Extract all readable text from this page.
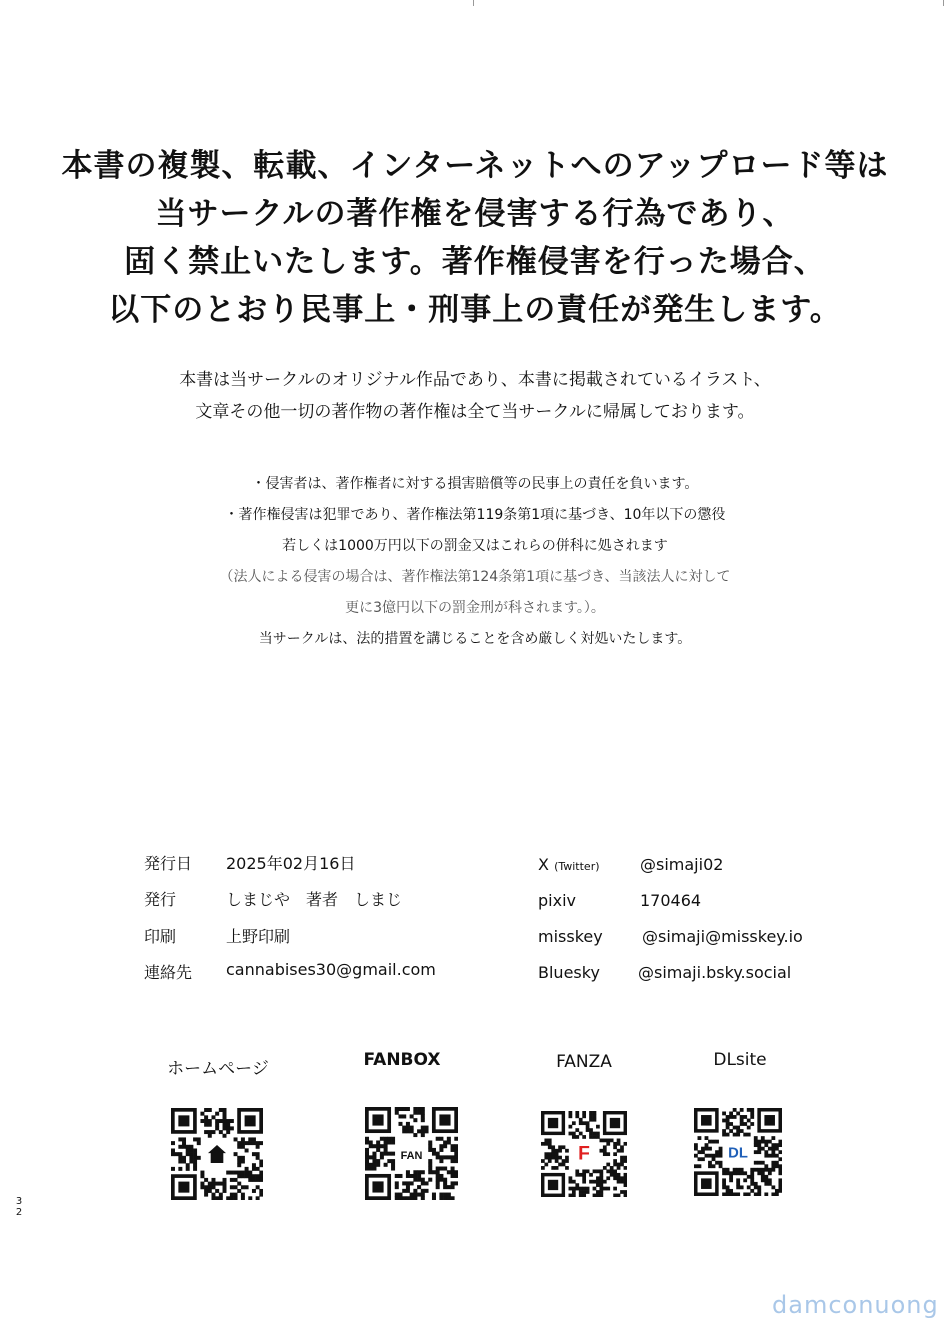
本書の複製、転載、インターネットへのアップロード等は
当サークルの著作権を侵害する行為であり、
固く禁止いたします。著作権侵害を行った場合、
以下のとおり民事上・刑事上の責任が発生します。
本書は当サークルのオリジナル作品であり、本書に掲載されているイラスト、
文章その他一切の著作物の著作権は全て当サークルに帰属しております。
・侵害者は、著作権者に対する損害賠償等の民事上の責任を負います。
・著作権侵害は犯罪であり、著作権法第119条第1項に基づき、10年以下の懲役
若しくは1000万円以下の罰金又はこれらの併科に処されます
（法人による侵害の場合は、著作権法第124条第1項に基づき、当該法人に対して
更に3億円以下の罰金刑が科されます。）。
当サークルは、法的措置を講じることを含め厳しく対処いたします。
発行日 2025年02月16日
発行	しまじや　著者　しまじ
印刷	上野印刷
連絡先 cannabises30@gmail.com
X (Twitter)	@simaji02
pixiv	170464
misskey @simaji@misskey.io
Bluesky @simaji.bsky.social
ホームページ	FANBOX	FANZA	DLsite
FAN	F	DL
3
2
damconuong
